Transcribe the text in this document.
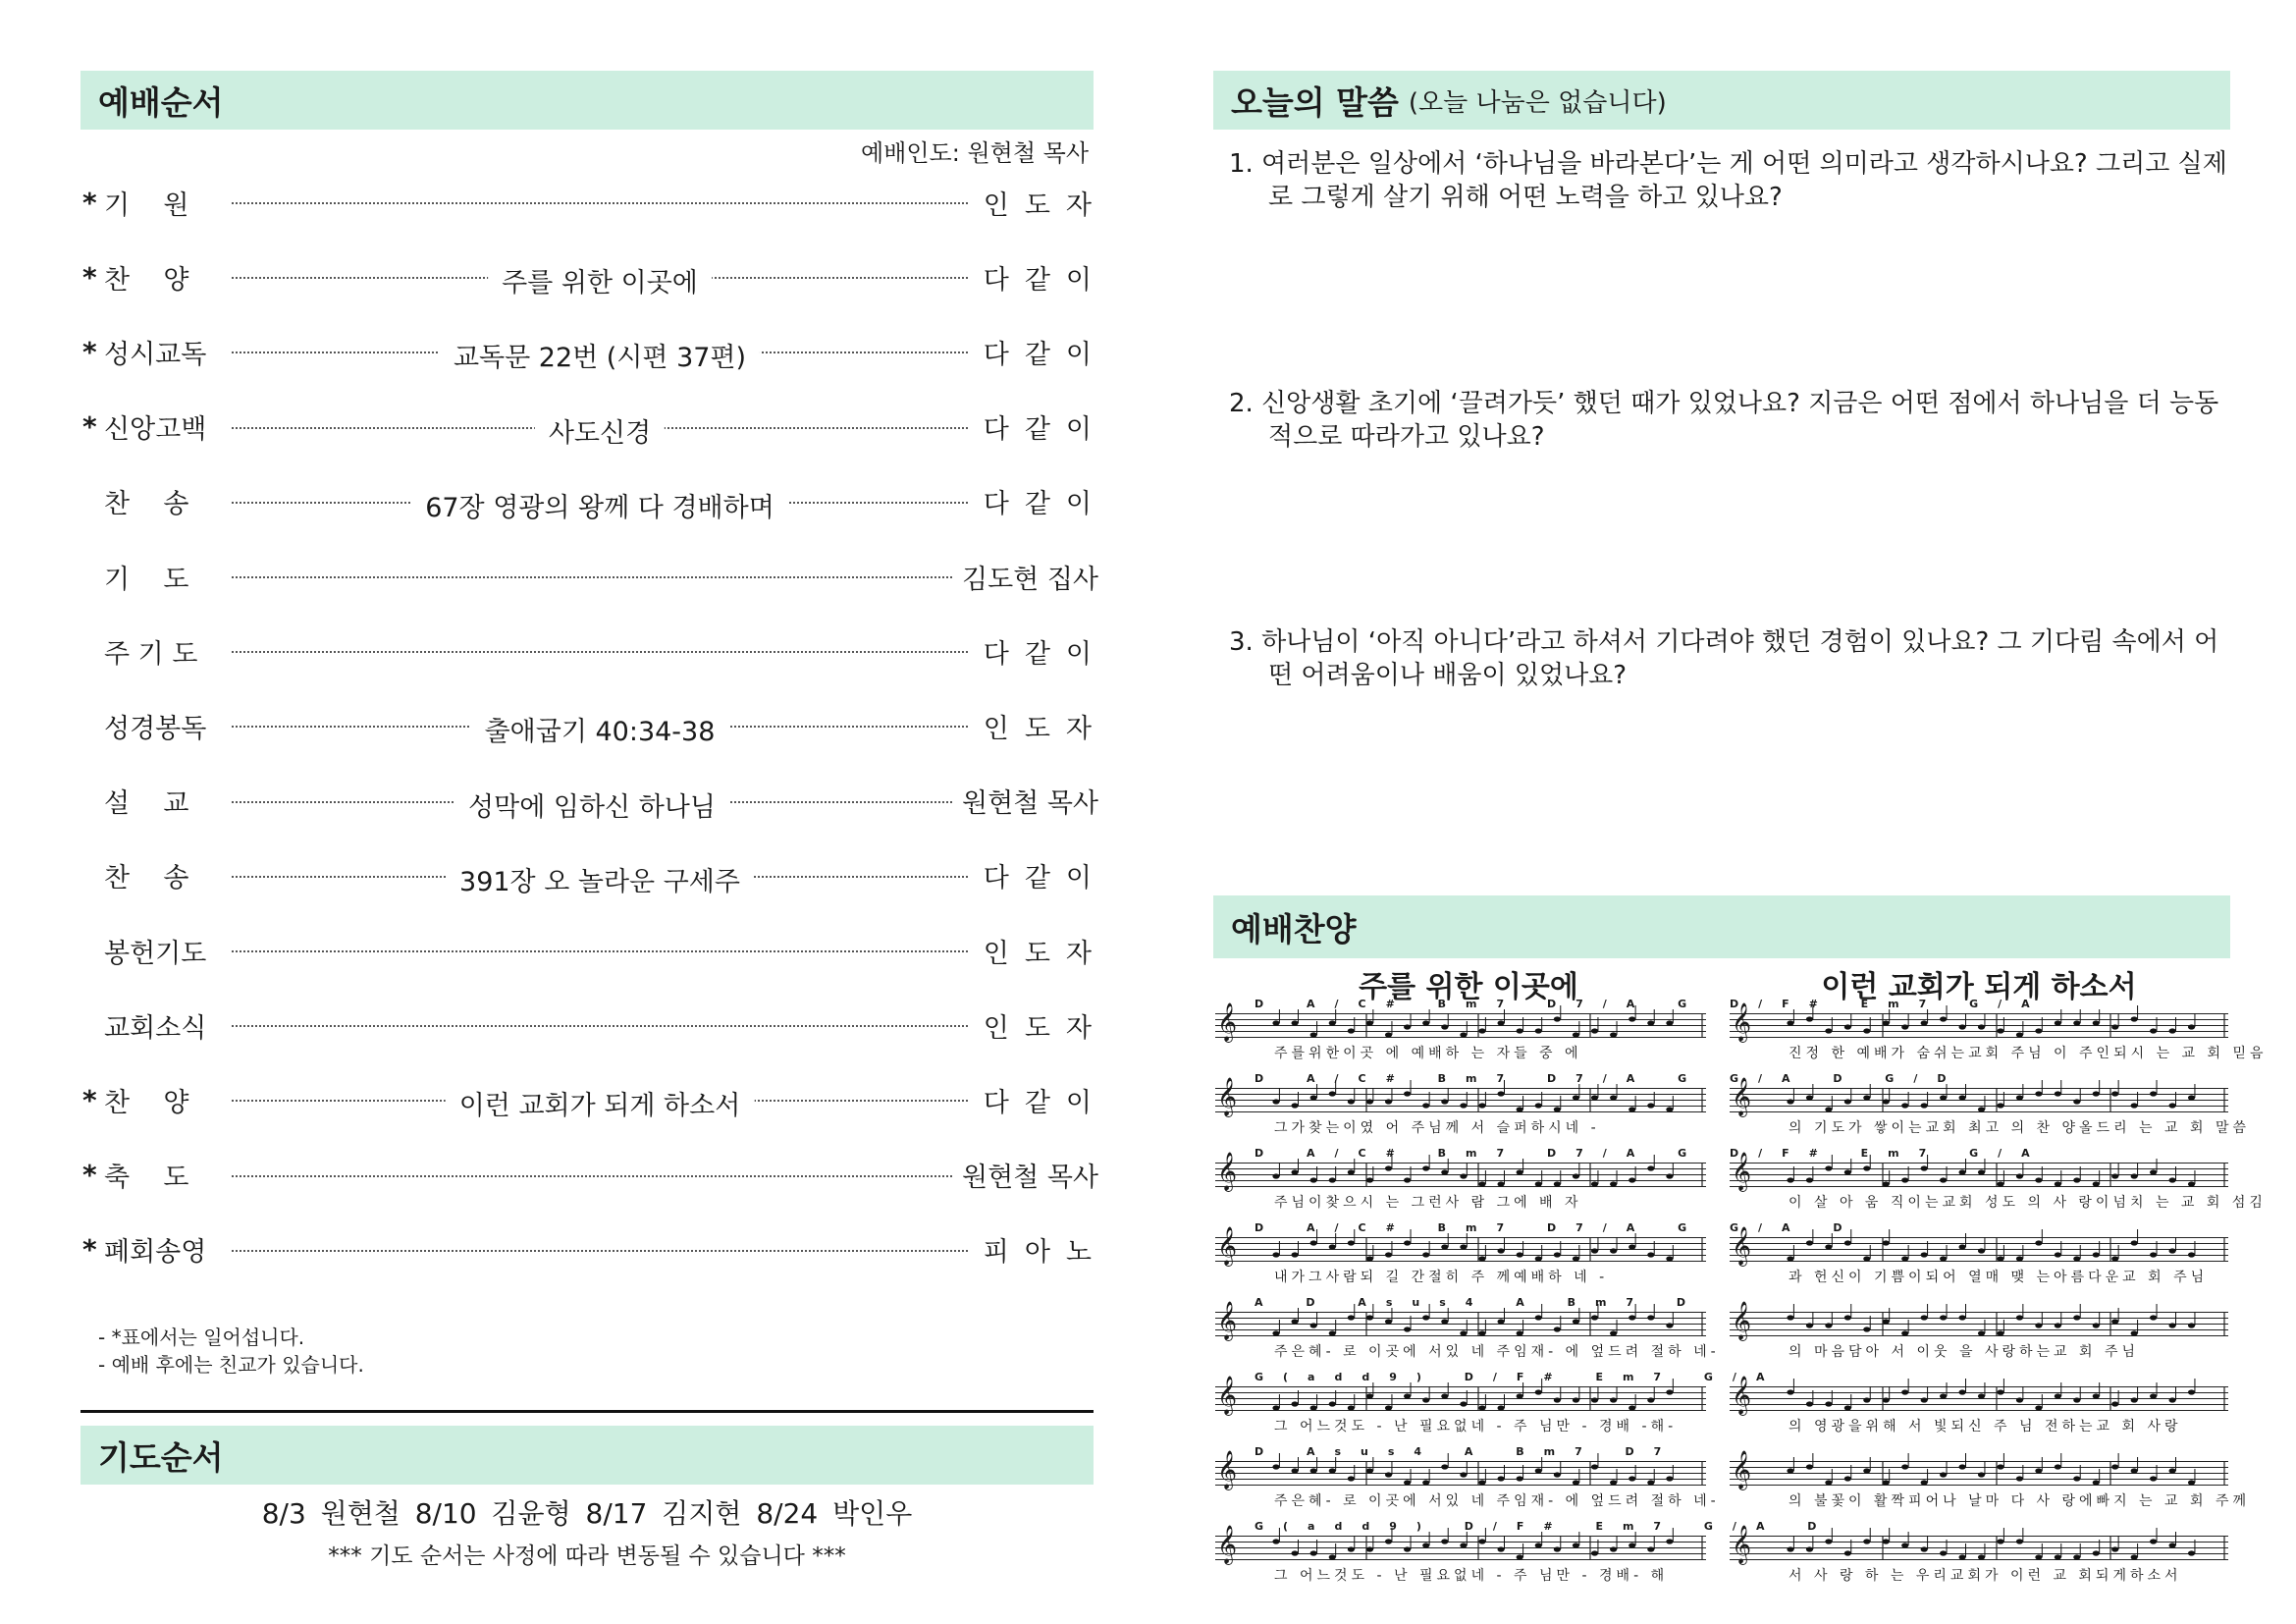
예배순서
예배인도: 원현철 목사
* 기    원	인도자
* 찬    양	주를 위한 이곳에	다같이
* 성시교독	교독문 22번 (시편 37편)	다같이
* 신앙고백	사도신경	다같이
찬    송	67장 영광의 왕께 다 경배하며	다같이
기    도	김도현 집사
주 기 도	다같이
성경봉독	출애굽기 40:34-38	인도자
설    교	성막에 임하신 하나님	원현철 목사
찬    송	391장 오 놀라운 구세주	다같이
봉헌기도	인도자
교회소식	인도자
* 찬    양	이런 교회가 되게 하소서	다같이
* 축    도	원현철 목사
* 폐회송영	피아노
- *표에서는 일어섭니다.
- 예배 후에는 친교가 있습니다.
기도순서
8/3 원현철 8/10 김윤형 8/17 김지현 8/24 박인우
*** 기도 순서는 사정에 따라 변동될 수 있습니다 ***
오늘의 말씀 (오늘 나눔은 없습니다)
1. 여러분은 일상에서 ‘하나님을 바라본다’는 게 어떤 의미라고 생각하시나요? 그리고 실제로 그렇게 살기 위해 어떤 노력을 하고 있나요?
2. 신앙생활 초기에 ‘끌려가듯’ 했던 때가 있었나요? 지금은 어떤 점에서 하나님을 더 능동적으로 따라가고 있나요?
3. 하나님이 ‘아직 아니다’라고 하셔서 기다려야 했던 경험이 있나요? 그 기다림 속에서 어떤 어려움이나 배움이 있었나요?
예배찬양
주를 위한 이곳에	이런 교회가 되게 하소서
𝄞 D A/C# Bm7 D7/A G D/F# Em7 G/A
주를위한이곳 에 예배하 는 자들 중 에
𝄞 D A/C# Bm7 D7/A G G/A D G/D
그가찾는이였 어 주님께 서 슬퍼하시네 -
𝄞 D A/C# Bm7 D7/A G D/F# Em7 G/A
주님이찾으시 는 그런사 람 그에 배 자
𝄞 D A/C# Bm7 D7/A G G/A D
내가그사람되 길 간절히 주 께예배하 네 -
𝄞 A D Asus4 A Bm7 D
주은혜- 로 이곳에 서있 네 주임재- 에 엎드려 절하 네-
𝄞 G(add9) D/F# Em7 G/A
그 어느것도 - 난 필요없네 - 주 님만 - 경배 -해-
𝄞 D Asus4 A Bm7 D7
주은혜- 로 이곳에 서있 네 주임재- 에 엎드려 절하 네-
𝄞 G(add9) D/F# Em7 G/A D
그 어느것도 - 난 필요없네 - 주 님만 - 경배- 해
𝄞
진정 한 예배가 숨쉬는교회 주님 이 주인되시 는 교 회 믿음
𝄞
의 기도가 쌓이는교회 최고 의 찬 양올드리 는 교 회 말씀
𝄞
이 살 아 움 직이는교회 성도 의 사 랑이넘치 는 교 회 섬김
𝄞
과 헌신이 기쁨이되어 열매 맺 는아름다운교 회 주님
𝄞
의 마음담아 서 이웃 을 사랑하는교 회 주님
𝄞
의 영광을위해 서 빛되신 주 님 전하는교 회 사랑
𝄞
의 불꽃이 활짝피어나 날마 다 사 랑에빠지 는 교 회 주께
𝄞
서 사 랑 하 는 우리교회가 이런 교 회되게하소서
